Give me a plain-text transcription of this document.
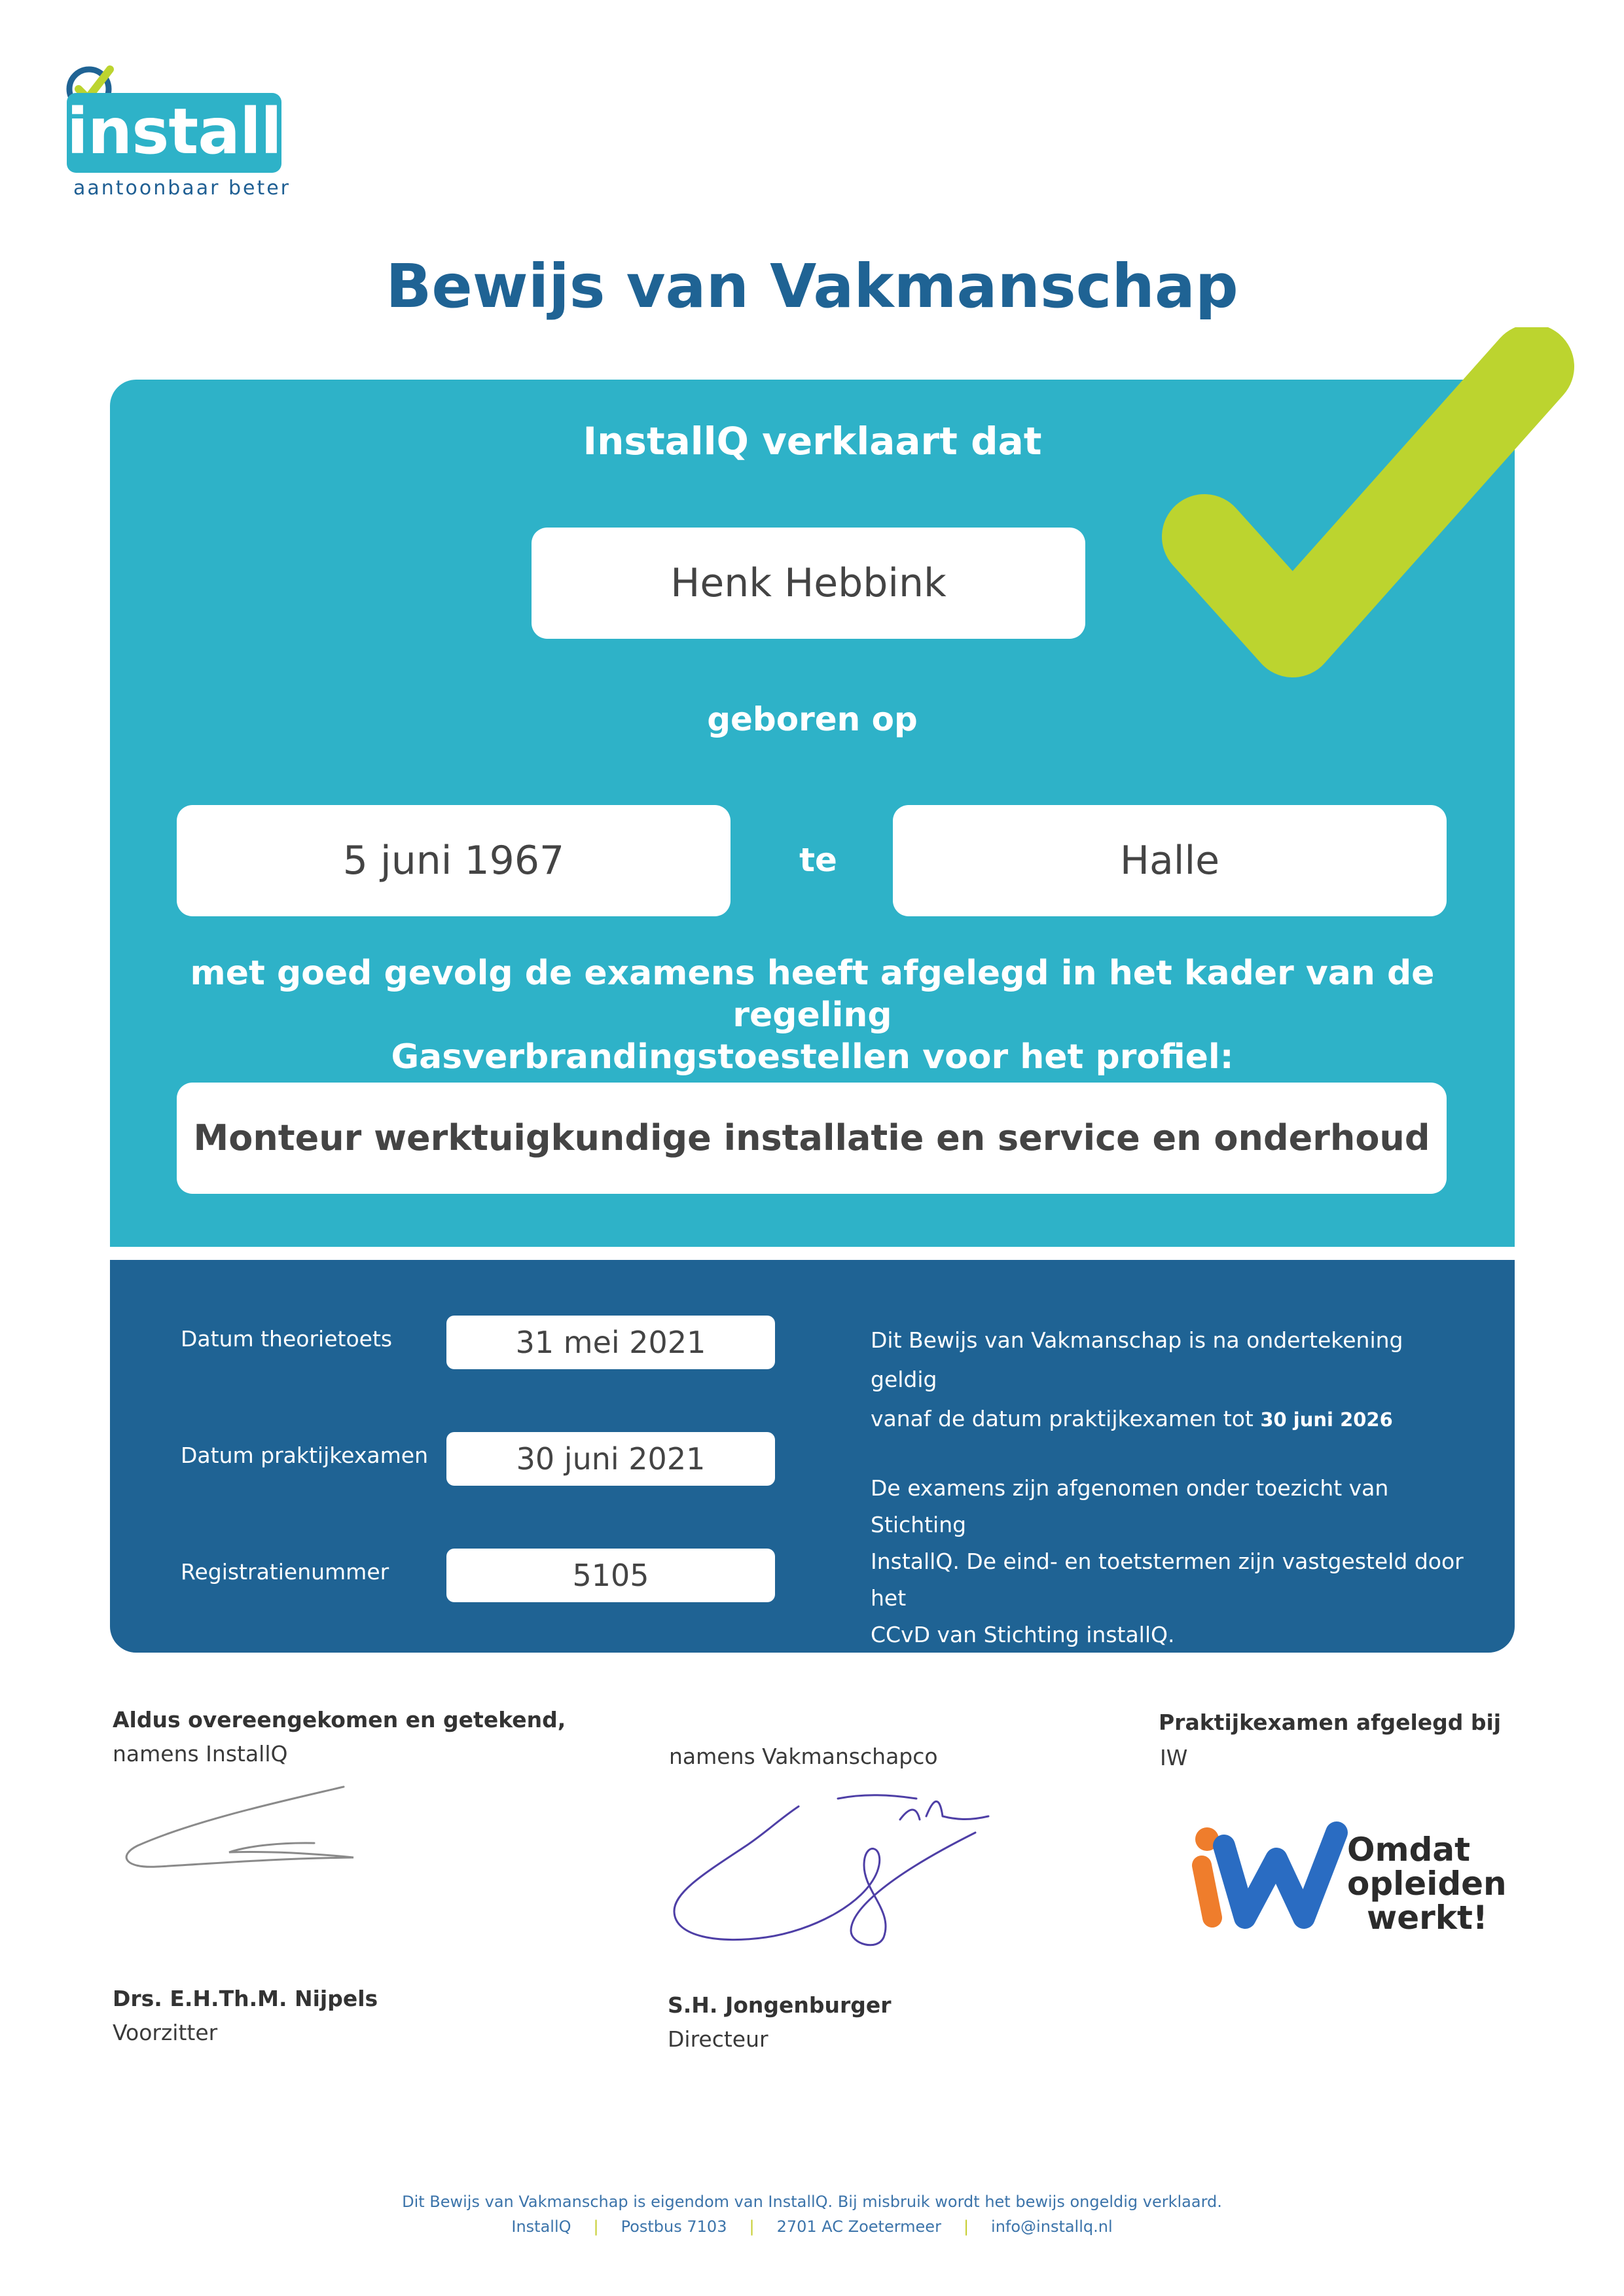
installQ
aantoonbaar beter
Bewijs van Vakmanschap
InstallQ verklaart dat
Henk Hebbink
geboren op
5 juni 1967	te	Halle
met goed gevolg de examens heeft afgelegd in het kader van de regeling
Gasverbrandingstoestellen voor het profiel:
Monteur werktuigkundige installatie en service en onderhoud
Datum theorietoets	31 mei 2021
Datum praktijkexamen	30 juni 2021
Registratienummer	5105
Dit Bewijs van Vakmanschap is na ondertekening geldig
vanaf de datum praktijkexamen tot 30 juni 2026
De examens zijn afgenomen onder toezicht van Stichting
InstallQ. De eind- en toetstermen zijn vastgesteld door het
CCvD van Stichting installQ.
Aldus overeengekomen en getekend,
namens InstallQ	namens Vakmanschapco
Praktijkexamen afgelegd bij
IW
Drs. E.H.Th.M. Nijpels
Voorzitter
S.H. Jongenburger
Directeur
Omdat
opleiden
werkt!
Dit Bewijs van Vakmanschap is eigendom van InstallQ. Bij misbruik wordt het bewijs ongeldig verklaard.
InstallQ | Postbus 7103 | 2701 AC Zoetermeer | info@installq.nl
